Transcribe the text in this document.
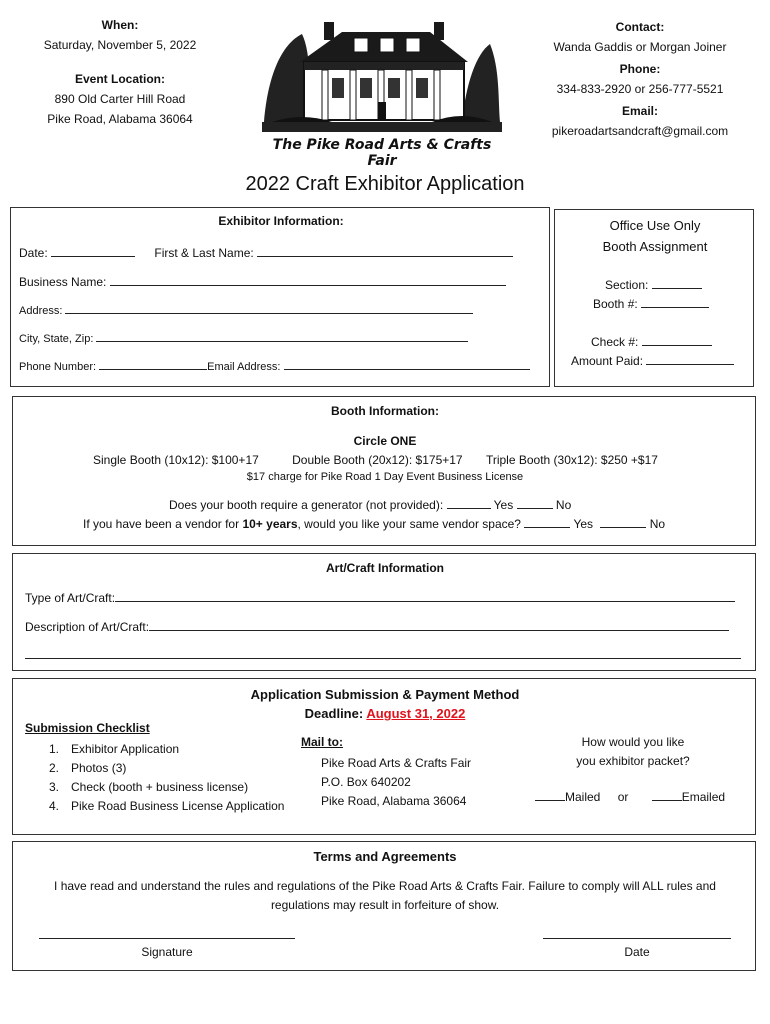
When:
Saturday, November 5, 2022
Event Location:
890 Old Carter Hill Road
Pike Road, Alabama 36064
The Pike Road Arts & Crafts Fair
Contact:
Wanda Gaddis or Morgan Joiner
Phone:
334-833-2920 or 256-777-5521
Email:
pikeroadartsandcraft@gmail.com
2022 Craft Exhibitor Application
Exhibitor Information:
Date:	First & Last Name:
Business Name:
Address:
City, State, Zip:
Phone Number:	Email Address:
Office Use Only
Booth Assignment
Section:
Booth #:
Check #:
Amount Paid:
Booth Information:
Circle ONE
Single Booth (10x12): $100+17	Double Booth (20x12): $175+17 Triple Booth (30x12): $250 +$17
$17 charge for Pike Road 1 Day Event Business License
Does your booth require a generator (not provided):	Yes	No
If you have been a vendor for 10+ years, would you like your same vendor space?	Yes	No
Art/Craft Information
Type of Art/Craft:
Description of Art/Craft:
Application Submission & Payment Method
Deadline: August 31, 2022
Submission Checklist
1. Exhibitor Application
2. Photos (3)
3. Check (booth + business license)
4. Pike Road Business License Application
Mail to:
Pike Road Arts & Crafts Fair
P.O. Box 640202
Pike Road, Alabama 36064
How would you like
you exhibitor packet?
Mailed or	Emailed
Terms and Agreements
I have read and understand the rules and regulations of the Pike Road Arts & Crafts Fair. Failure to comply will ALL rules and
regulations may result in forfeiture of show.
Signature	Date
